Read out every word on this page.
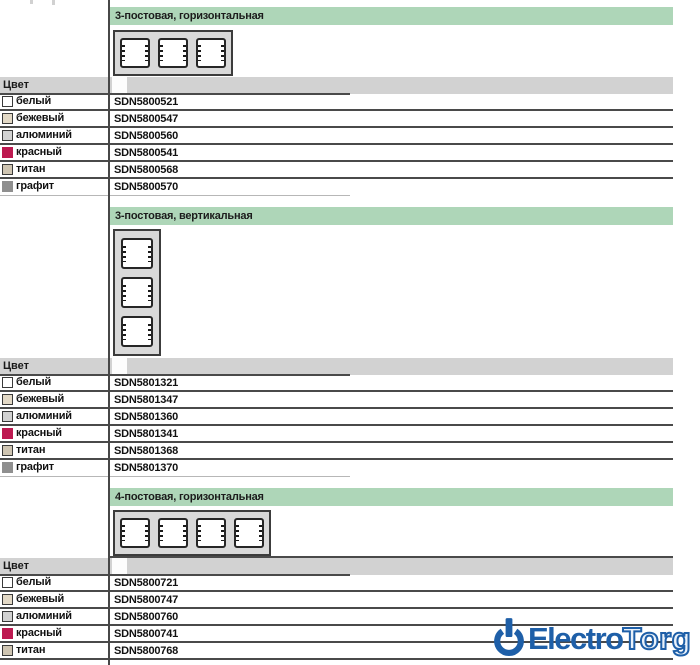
3-постовая, горизонтальная
Цвет
белый	SDN5800521
бежевый	SDN5800547
алюминий	SDN5800560
красный	SDN5800541
титан	SDN5800568
графит	SDN5800570
3-постовая, вертикальная
Цвет
белый	SDN5801321
бежевый	SDN5801347
алюминий	SDN5801360
красный	SDN5801341
титан	SDN5801368
графит	SDN5801370
4-постовая, горизонтальная
Цвет
белый	SDN5800721
бежевый	SDN5800747
алюминий	SDN5800760
красный	SDN5800741
титан	SDN5800768	Electro Torg
